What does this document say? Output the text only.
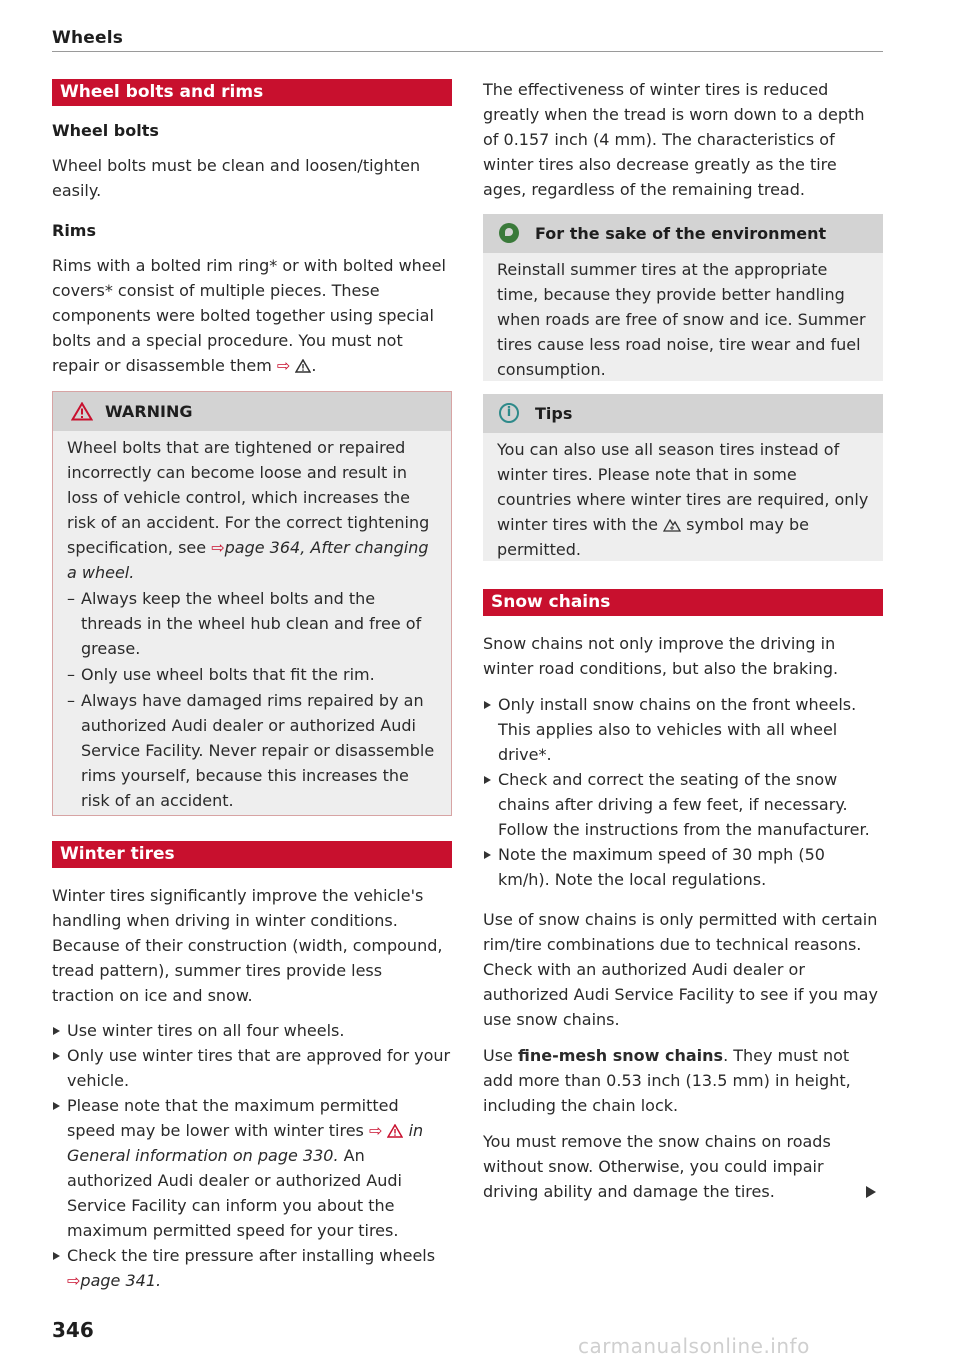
Wheels
Wheel bolts and rims
Wheel bolts

Wheel bolts must be clean and loosen/tighten easily.

Rims

Rims with a bolted rim ring* or with bolted wheel covers* consist of multiple pieces. These components were bolted together using special bolts and a special procedure. You must not repair or disassemble them ⇨ .

WARNING
Wheel bolts that are tightened or repaired incorrectly can become loose and result in loss of vehicle control, which increases the risk of an accident. For the correct tightening specification, see ⇨page 364, After changing a wheel.
– Always keep the wheel bolts and the threads in the wheel hub clean and free of grease.
– Only use wheel bolts that fit the rim.
– Always have damaged rims repaired by an authorized Audi dealer or authorized Audi Service Facility. Never repair or disassemble rims yourself, because this increases the risk of an accident.
Winter tires

Winter tires significantly improve the vehicle's handling when driving in winter conditions. Because of their construction (width, compound, tread pattern), summer tires provide less traction on ice and snow.

Use winter tires on all four wheels.
Only use winter tires that are approved for your vehicle.
Please note that the maximum permitted speed may be lower with winter tires ⇨ in General information on page 330. An authorized Audi dealer or authorized Audi Service Facility can inform you about the maximum permitted speed for your tires.
Check the tire pressure after installing wheels ⇨page 341.

The effectiveness of winter tires is reduced greatly when the tread is worn down to a depth of 0.157 inch (4 mm). The characteristics of winter tires also decrease greatly as the tire ages, regardless of the remaining tread.

For the sake of the environment
Reinstall summer tires at the appropriate time, because they provide better handling when roads are free of snow and ice. Summer tires cause less road noise, tire wear and fuel consumption.
i
Tips
You can also use all season tires instead of winter tires. Please note that in some countries where winter tires are required, only winter tires with the symbol may be permitted.
Snow chains

Snow chains not only improve the driving in winter road conditions, but also the braking.

Only install snow chains on the front wheels. This applies also to vehicles with all wheel drive*.
Check and correct the seating of the snow chains after driving a few feet, if necessary. Follow the instructions from the manufacturer.
Note the maximum speed of 30 mph (50 km/h). Note the local regulations.

Use of snow chains is only permitted with certain rim/tire combinations due to technical reasons. Check with an authorized Audi dealer or authorized Audi Service Facility to see if you may use snow chains.

Use fine-mesh snow chains. They must not add more than 0.53 inch (13.5 mm) in height, including the chain lock.

You must remove the snow chains on roads without snow. Otherwise, you could impair driving ability and damage the tires.

346
carmanualsonline.info
